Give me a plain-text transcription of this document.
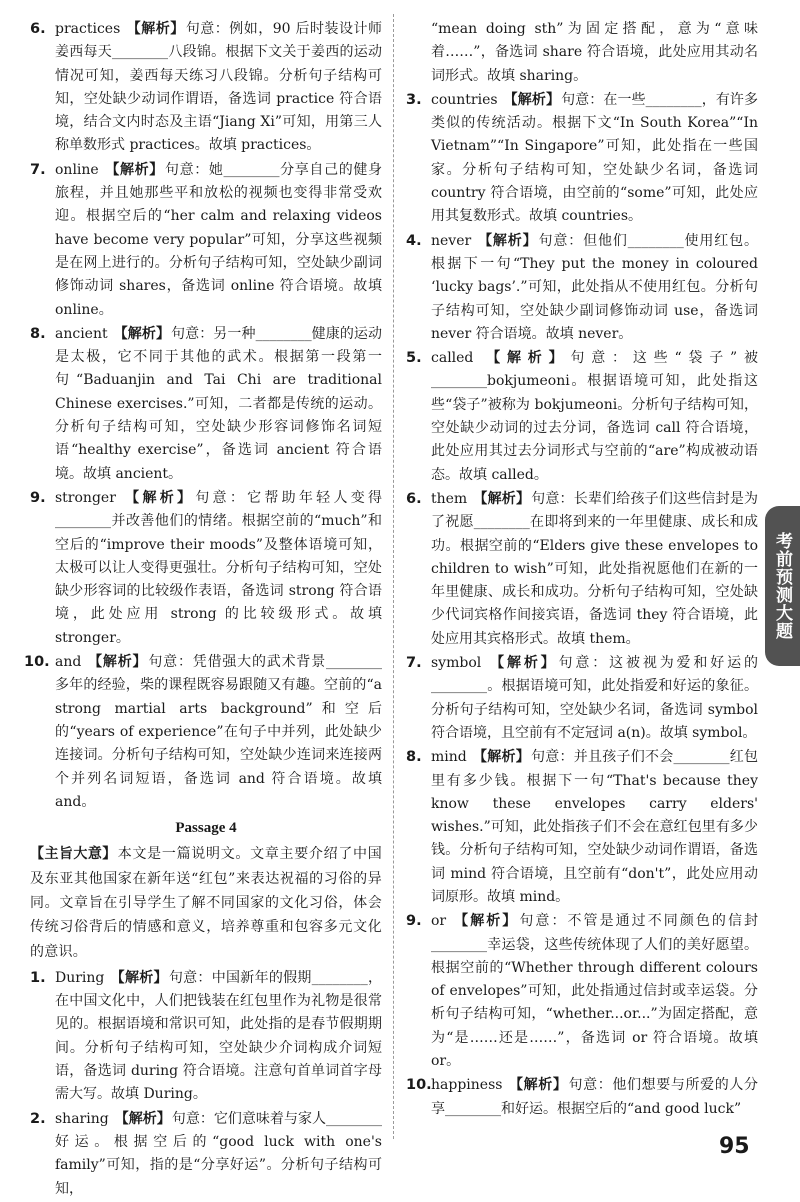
6. practices 【解析】句意：例如，90 后时装设计师姜西每天________八段锦。根据下文关于姜西的运动情况可知，姜西每天练习八段锦。分析句子结构可知，空处缺少动词作谓语，备选词 practice 符合语境，结合文内时态及主语“Jiang Xi”可知，用第三人称单数形式 practices。故填 practices。
7. online 【解析】句意：她________分享自己的健身旅程，并且她那些平和放松的视频也变得非常受欢迎。根据空后的“her calm and relaxing videos have become very popular”可知，分享这些视频是在网上进行的。分析句子结构可知，空处缺少副词修饰动词 shares，备选词 online 符合语境。故填 online。
8. ancient 【解析】句意：另一种________健康的运动是太极，它不同于其他的武术。根据第一段第一句“Baduanjin and Tai Chi are traditional Chinese exercises.”可知，二者都是传统的运动。分析句子结构可知，空处缺少形容词修饰名词短语“healthy exercise”，备选词 ancient 符合语境。故填 ancient。
9. stronger 【解析】句意：它帮助年轻人变得________并改善他们的情绪。根据空前的“much”和空后的“improve their moods”及整体语境可知，太极可以让人变得更强壮。分析句子结构可知，空处缺少形容词的比较级作表语，备选词 strong 符合语境，此处应用 strong 的比较级形式。故填 stronger。
10. and 【解析】句意：凭借强大的武术背景________多年的经验，柴的课程既容易跟随又有趣。空前的“a strong martial arts background”和空后的“years of experience”在句子中并列，此处缺少连接词。分析句子结构可知，空处缺少连词来连接两个并列名词短语，备选词 and 符合语境。故填 and。
Passage 4
【主旨大意】本文是一篇说明文。文章主要介绍了中国及东亚其他国家在新年送“红包”来表达祝福的习俗的异同。文章旨在引导学生了解不同国家的文化习俗，体会传统习俗背后的情感和意义，培养尊重和包容多元文化的意识。
1. During 【解析】句意：中国新年的假期________，在中国文化中，人们把钱装在红包里作为礼物是很常见的。根据语境和常识可知，此处指的是春节假期期间。分析句子结构可知，空处缺少介词构成介词短语，备选词 during 符合语境。注意句首单词首字母需大写。故填 During。
2. sharing 【解析】句意：它们意味着与家人________好运。根据空后的“good luck with one's family”可知，指的是“分享好运”。分析句子结构可知，
“mean doing sth”为固定搭配，意为“意味着……”，备选词 share 符合语境，此处应用其动名词形式。故填 sharing。
3. countries 【解析】句意：在一些________，有许多类似的传统活动。根据下文“In South Korea”“In Vietnam”“In Singapore”可知，此处指在一些国家。分析句子结构可知，空处缺少名词，备选词 country 符合语境，由空前的“some”可知，此处应用其复数形式。故填 countries。
4. never 【解析】句意：但他们________使用红包。根据下一句“They put the money in coloured ‘lucky bags’.”可知，此处指从不使用红包。分析句子结构可知，空处缺少副词修饰动词 use，备选词 never 符合语境。故填 never。
5. called 【解析】句意：这些“袋子”被________bokjumeoni。根据语境可知，此处指这些“袋子”被称为 bokjumeoni。分析句子结构可知，空处缺少动词的过去分词，备选词 call 符合语境，此处应用其过去分词形式与空前的“are”构成被动语态。故填 called。
6. them 【解析】句意：长辈们给孩子们这些信封是为了祝愿________在即将到来的一年里健康、成长和成功。根据空前的“Elders give these envelopes to children to wish”可知，此处指祝愿他们在新的一年里健康、成长和成功。分析句子结构可知，空处缺少代词宾格作间接宾语，备选词 they 符合语境，此处应用其宾格形式。故填 them。
7. symbol 【解析】句意：这被视为爱和好运的________。根据语境可知，此处指爱和好运的象征。分析句子结构可知，空处缺少名词，备选词 symbol 符合语境，且空前有不定冠词 a(n)。故填 symbol。
8. mind 【解析】句意：并且孩子们不会________红包里有多少钱。根据下一句“That's because they know these envelopes carry elders' wishes.”可知，此处指孩子们不会在意红包里有多少钱。分析句子结构可知，空处缺少动词作谓语，备选词 mind 符合语境，且空前有“don't”，此处应用动词原形。故填 mind。
9. or 【解析】句意：不管是通过不同颜色的信封________幸运袋，这些传统体现了人们的美好愿望。根据空前的“Whether through different colours of envelopes”可知，此处指通过信封或幸运袋。分析句子结构可知，“whether...or...”为固定搭配，意为“是……还是……”，备选词 or 符合语境。故填 or。
10. happiness 【解析】句意：他们想要与所爱的人分享________和好运。根据空后的“and good luck”
考前预测大题
95
